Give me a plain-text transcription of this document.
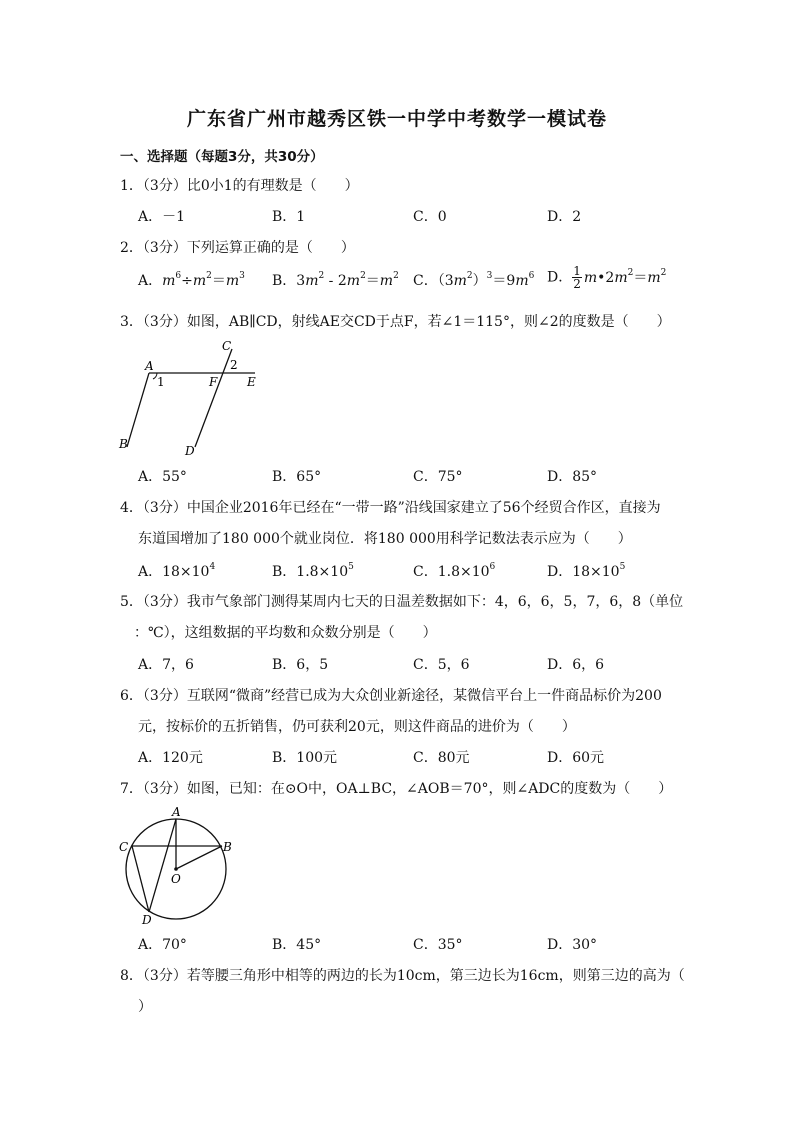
广东省广州市越秀区铁一中学中考数学一模试卷
一、选择题（每题3分，共30分）
1．（3分）比0小1的有理数是（　　）
A．－1	B．1	C．0	D．2
2．（3分）下列运算正确的是（　　）
A．$m^6\div m^2=m^3$ B．$3m^2 - 2m^2=m^2$ C．$(3m^2)^3=9m^6$ D． $\frac{1}{2}$ $m•2m^2=m^2$
3．（3分）如图，AB∥CD，射线AE交CD于点F，若∠1＝115°，则∠2的度数是（　　）
A
1
C
2
F E
B	D
A．55°	B．65°	C．75°	D．85°
4．（3分）中国企业2016年已经在“一带一路”沿线国家建立了56个经贸合作区，直接为
东道国增加了180 000个就业岗位．将180 000用科学记数法表示应为（　　）
A．$18\times 10^4$	B．$1.8\times 10^5$	C．$1.8\times 10^6$	D．$18\times 10^5$
5．（3分）我市气象部门测得某周内七天的日温差数据如下：4，6，6，5，7，6，8（单位
：℃），这组数据的平均数和众数分别是（　　）
A．7，6	B．6，5	C．5，6	D．6，6
6．（3分）互联网“微商”经营已成为大众创业新途径，某微信平台上一件商品标价为200
元，按标价的五折销售，仍可获利20元，则这件商品的进价为（　　）
A．120元	B．100元	C．80元	D．60元
7．（3分）如图，已知：在⊙O中，OA⊥BC，∠AOB＝70°，则∠ADC的度数为（　　）
A
C	B
O
D
A．70°	B．45°	C．35°	D．30°
8．（3分）若等腰三角形中相等的两边的长为10cm，第三边长为16cm，则第三边的高为（
）
